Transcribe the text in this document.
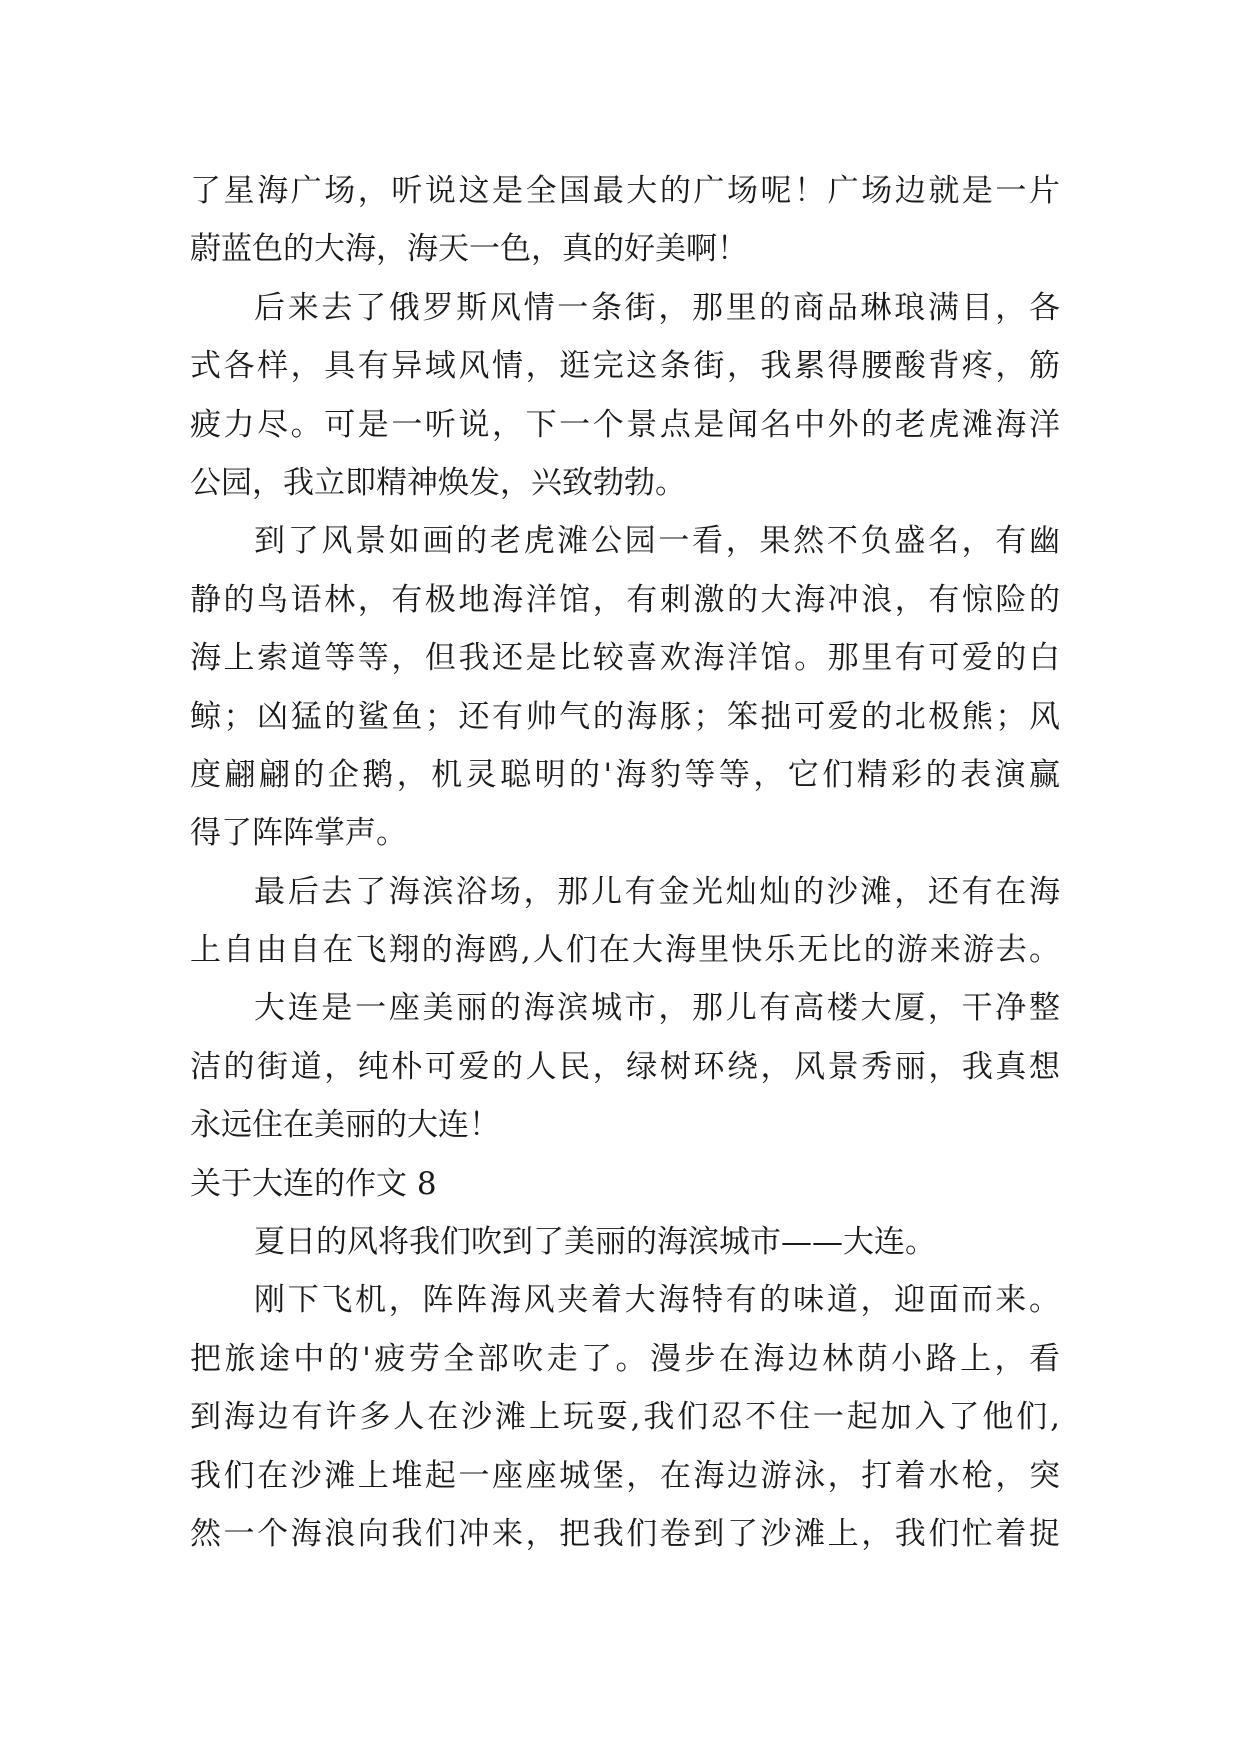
了星海广场，听说这是全国最大的广场呢！广场边就是一片
蔚蓝色的大海，海天一色，真的好美啊！
后来去了俄罗斯风情一条街，那里的商品琳琅满目，各
式各样，具有异域风情，逛完这条街，我累得腰酸背疼，筋
疲力尽。可是一听说，下一个景点是闻名中外的老虎滩海洋
公园，我立即精神焕发，兴致勃勃。
到了风景如画的老虎滩公园一看，果然不负盛名，有幽
静的鸟语林，有极地海洋馆，有刺激的大海冲浪，有惊险的
海上索道等等，但我还是比较喜欢海洋馆。那里有可爱的白
鲸；凶猛的鲨鱼；还有帅气的海豚；笨拙可爱的北极熊；风
度翩翩的企鹅，机灵聪明的'海豹等等，它们精彩的表演赢
得了阵阵掌声。
最后去了海滨浴场，那儿有金光灿灿的沙滩，还有在海
上自由自在飞翔的海鸥,人们在大海里快乐无比的游来游去。
大连是一座美丽的海滨城市，那儿有高楼大厦，干净整
洁的街道，纯朴可爱的人民，绿树环绕，风景秀丽，我真想
永远住在美丽的大连！
关于大连的作文 8
夏日的风将我们吹到了美丽的海滨城市——大连。
刚下飞机，阵阵海风夹着大海特有的味道，迎面而来。
把旅途中的'疲劳全部吹走了。漫步在海边林荫小路上，看
到海边有许多人在沙滩上玩耍,我们忍不住一起加入了他们,
我们在沙滩上堆起一座座城堡，在海边游泳，打着水枪，突
然一个海浪向我们冲来，把我们卷到了沙滩上，我们忙着捉
